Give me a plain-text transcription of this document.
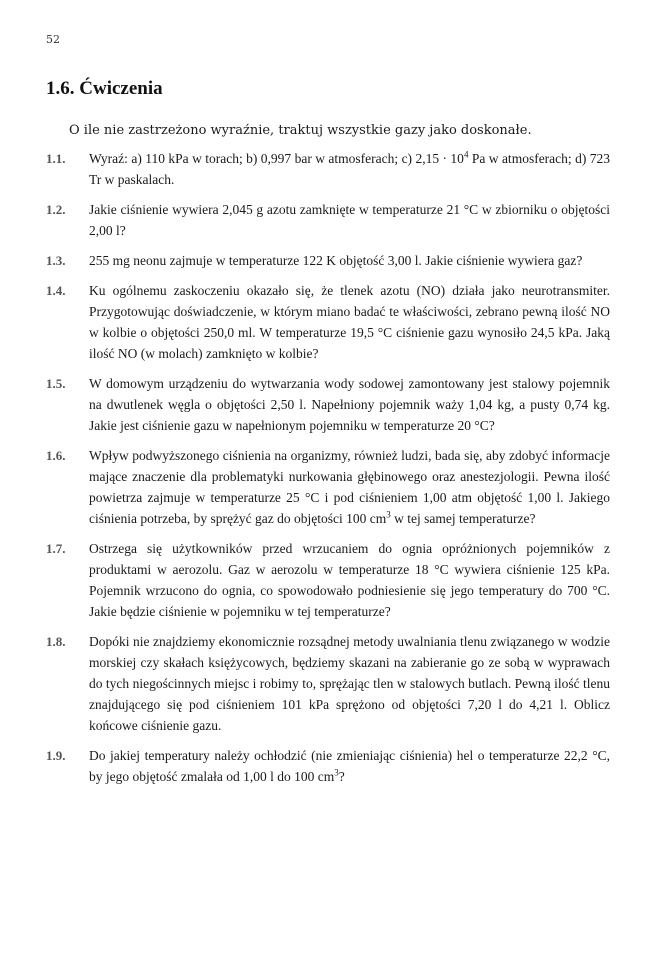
52
1.6. Ćwiczenia
O ile nie zastrzeżono wyraźnie, traktuj wszystkie gazy jako doskonałe.
1.1.	Wyraź: a) 110 kPa w torach; b) 0,997 bar w atmosferach; c) $2,15 \cdot 10^4$ Pa w atmosferach; d) 723 Tr w paskalach.
1.2.	Jakie ciśnienie wywiera 2,045 g azotu zamknięte w temperaturze 21 °C w zbiorniku o objętości 2,00 l?
1.3.	255 mg neonu zajmuje w temperaturze 122 K objętość 3,00 l. Jakie ciśnienie wywiera gaz?
1.4.	Ku ogólnemu zaskoczeniu okazało się, że tlenek azotu (NO) działa jako neurotransmiter. Przygotowując doświadczenie, w którym miano badać te właściwości, zebrano pewną ilość NO w kolbie o objętości 250,0 ml. W temperaturze 19,5 °C ciśnienie gazu wynosiło 24,5 kPa. Jaką ilość NO (w molach) zamknięto w kolbie?
1.5.	W domowym urządzeniu do wytwarzania wody sodowej zamontowany jest stalowy pojemnik na dwutlenek węgla o objętości 2,50 l. Napełniony pojemnik waży 1,04 kg, a pusty 0,74 kg. Jakie jest ciśnienie gazu w napełnionym pojemniku w temperaturze 20 °C?
1.6.	Wpływ podwyższonego ciśnienia na organizmy, również ludzi, bada się, aby zdobyć informacje mające znaczenie dla problematyki nurkowania głębinowego oraz anestezjologii. Pewna ilość powietrza zajmuje w temperaturze 25 °C i pod ciśnieniem 1,00 atm objętość 1,00 l. Jakiego ciśnienia potrzeba, by sprężyć gaz do objętości 100 $cm^3$ w tej samej temperaturze?
1.7.	Ostrzega się użytkowników przed wrzucaniem do ognia opróżnionych pojemników z produktami w aerozolu. Gaz w aerozolu w temperaturze 18 °C wywiera ciśnienie 125 kPa. Pojemnik wrzucono do ognia, co spowodowało podniesienie się jego temperatury do 700 °C. Jakie będzie ciśnienie w pojemniku w tej temperaturze?
1.8.	Dopóki nie znajdziemy ekonomicznie rozsądnej metody uwalniania tlenu związanego w wodzie morskiej czy skałach księżycowych, będziemy skazani na zabieranie go ze sobą w wyprawach do tych niegościnnych miejsc i robimy to, sprężając tlen w stalowych butlach. Pewną ilość tlenu znajdującego się pod ciśnieniem 101 kPa sprężono od objętości 7,20 l do 4,21 l. Oblicz końcowe ciśnienie gazu.
1.9.	Do jakiej temperatury należy ochłodzić (nie zmieniając ciśnienia) hel o temperaturze 22,2 °C, by jego objętość zmalała od 1,00 l do 100 $cm^3$?
